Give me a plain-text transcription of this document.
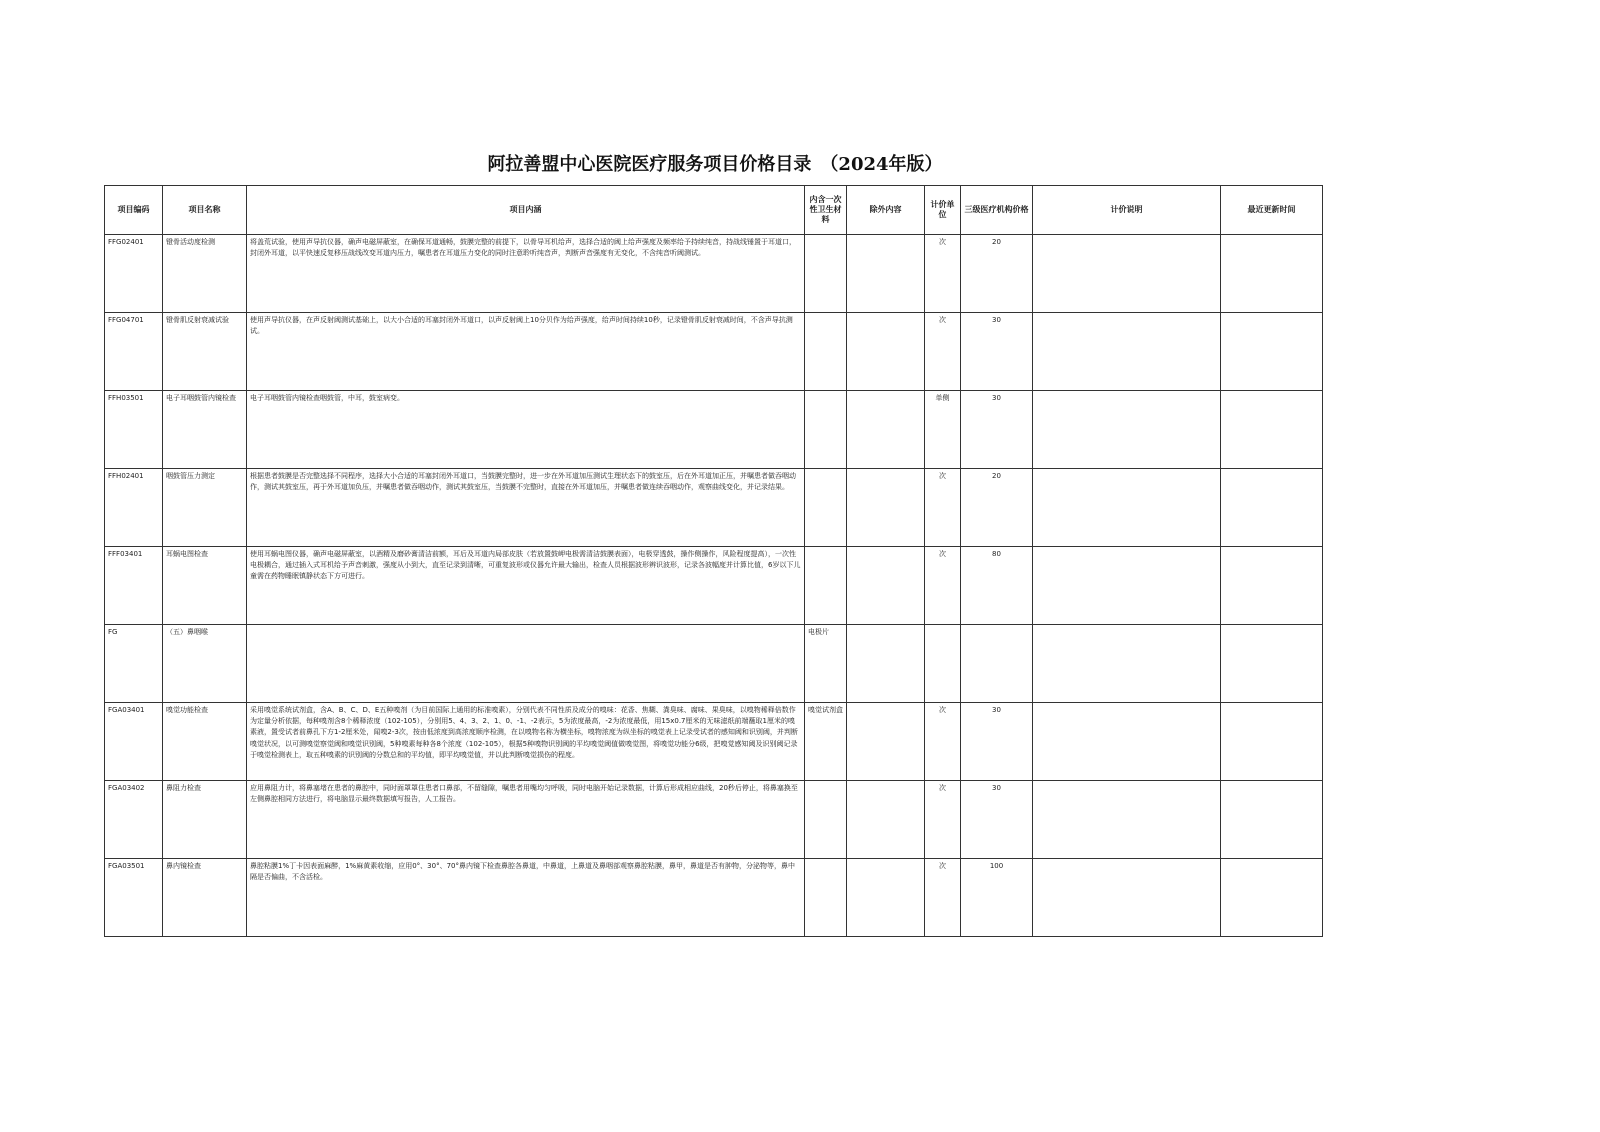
阿拉善盟中心医院医疗服务项目价格目录　（2024年版）
项目编码	项目名称	项目内涵	内含一次性卫生材料	除外内容	计价单位	三级医疗机构价格	计价说明	最近更新时间
FFG02401	镫骨活动度检测	将盖荒试验，使用声导抗仪器，确声电磁屏蔽室，在确保耳道通畅，鼓膜完整的前提下，以骨导耳机给声，选择合适的阈上给声强度及频率给予持续纯音，持战线锤置于耳道口，封闭外耳道，以平快速反复移压战线改变耳道内压力，嘱患者在耳道压力变化的同时注意聆听纯音声，判断声音强度有无变化，不含纯音听阈测试。			次	20		
FFG04701	镫骨肌反射衰减试验	使用声导抗仪器，在声反射阈测试基础上，以大小合适的耳塞封闭外耳道口，以声反射阈上10分贝作为给声强度，给声时间持续10秒，记录镫骨肌反射衰减时间，不含声导抗测试。			次	30		
FFH03501	电子耳咽鼓管内镜检查	电子耳咽鼓管内镜检查咽鼓管，中耳，鼓室病变。			单侧	30		
FFH02401	咽鼓管压力测定	根据患者鼓膜是否完整选择不同程序，选择大小合适的耳塞封闭外耳道口，当鼓膜完整时，进一步在外耳道加压测试生理状态下的鼓室压，后在外耳道加正压，并嘱患者做吞咽动作，测试其鼓室压，再于外耳道加负压，并嘱患者做吞咽动作，测试其鼓室压，当鼓膜不完整时，直接在外耳道加压，并嘱患者做连续吞咽动作，观察曲线变化，并记录结果。			次	20		
FFF03401	耳蜗电图检查	使用耳蜗电图仪器，确声电磁屏蔽室，以酒精及磨砂膏清洁前额，耳后及耳道内局部皮肤（若放置鼓岬电极需清洁鼓膜表面），电极穿透鼓，操作侧操作，风险程度提高），一次性电极耦合，通过插入式耳机给予声音刺激，强度从小到大，直至记录到清晰，可重复波形或仪器允许最大输出，检查人员根据波形辨识波形，记录各波幅度并计算比值，6岁以下儿童需在药物睡眠镇静状态下方可进行。			次	80		
FG	（五）鼻咽喉		电极片					
FGA03401	嗅觉功能检查	采用嗅觉系统试剂盒，含A、B、C、D、E五种嗅剂（为目前国际上通用的标准嗅素），分别代表不同性质及成分的嗅味：花香、焦糊、粪臭味、腐味、果臭味，以嗅物稀释倍数作为定量分析依据，每种嗅剂含8个稀释浓度（102-105），分别用5、4、3、2、1、0、-1、-2表示，5为浓度最高，-2为浓度最低，用15x0.7厘米的无味滤纸前端蘸取1厘米的嗅素液，置受试者前鼻孔下方1-2厘米处，闻嗅2-3次，按由低浓度到高浓度顺序检测，在以嗅物名称为横坐标，嗅物浓度为纵坐标的嗅觉表上记录受试者的感知阈和识别阈，并判断嗅觉状况，以可测嗅觉察觉阈和嗅觉识别阈，5种嗅素每种各8个浓度（102-105），根据5种嗅物识别阈的平均嗅觉阈值做嗅觉图，将嗅觉功能分6级，把嗅觉感知阈及识别阈记录于嗅觉检测表上，取五种嗅素的识别阈的分数总和的平均值，即平均嗅觉值，并以此判断嗅觉损伤的程度。	嗅觉试剂盒		次	30		
FGA03402	鼻阻力检查	应用鼻阻力计，将鼻塞堵在患者的鼻腔中，同时面罩罩住患者口鼻部，不留缝隙，嘱患者用嘴均匀呼吸，同时电脑开始记录数据，计算后形成相应曲线，20秒后停止，将鼻塞换至左侧鼻腔相同方法进行，将电脑显示最终数据填写报告，人工报告。			次	30		
FGA03501	鼻内镜检查	鼻腔粘膜1%丁卡因表面麻醉，1%麻黄素收缩，应用0°、30°、70°鼻内镜下检查鼻腔各鼻道，中鼻道，上鼻道及鼻咽部观察鼻腔粘膜，鼻甲，鼻道是否有肿物，分泌物等，鼻中隔是否偏曲，不含活检。			次	100		
